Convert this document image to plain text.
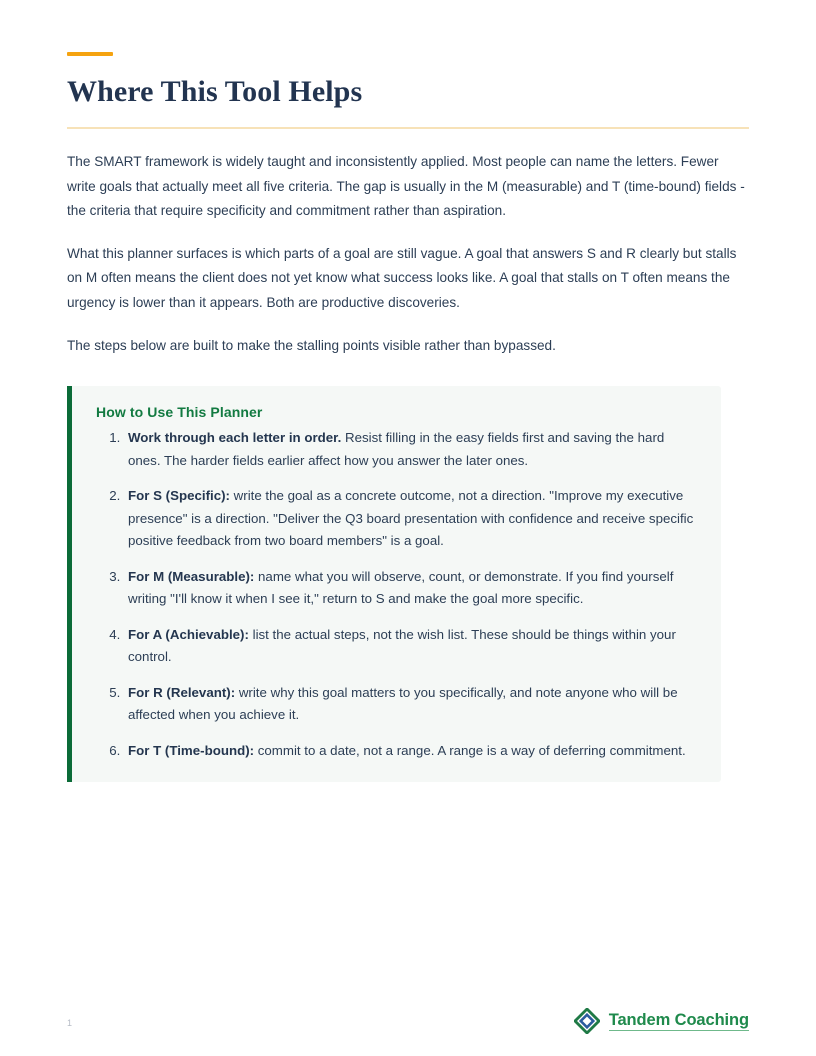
Where This Tool Helps

The SMART framework is widely taught and inconsistently applied. Most people can name the letters. Fewer write goals that actually meet all five criteria. The gap is usually in the M (measurable) and T (time-bound) fields - the criteria that require specificity and commitment rather than aspiration.

What this planner surfaces is which parts of a goal are still vague. A goal that answers S and R clearly but stalls on M often means the client does not yet know what success looks like. A goal that stalls on T often means the urgency is lower than it appears. Both are productive discoveries.

The steps below are built to make the stalling points visible rather than bypassed.

How to Use This Planner
1. Work through each letter in order. Resist filling in the easy fields first and saving the hard ones. The harder fields earlier affect how you answer the later ones.
2. For S (Specific): write the goal as a concrete outcome, not a direction. "Improve my executive presence" is a direction. "Deliver the Q3 board presentation with confidence and receive specific positive feedback from two board members" is a goal.
3. For M (Measurable): name what you will observe, count, or demonstrate. If you find yourself writing "I'll know it when I see it," return to S and make the goal more specific.
4. For A (Achievable): list the actual steps, not the wish list. These should be things within your control.
5. For R (Relevant): write why this goal matters to you specifically, and note anyone who will be affected when you achieve it.
6. For T (Time-bound): commit to a date, not a range. A range is a way of deferring commitment.
1	Tandem Coaching
